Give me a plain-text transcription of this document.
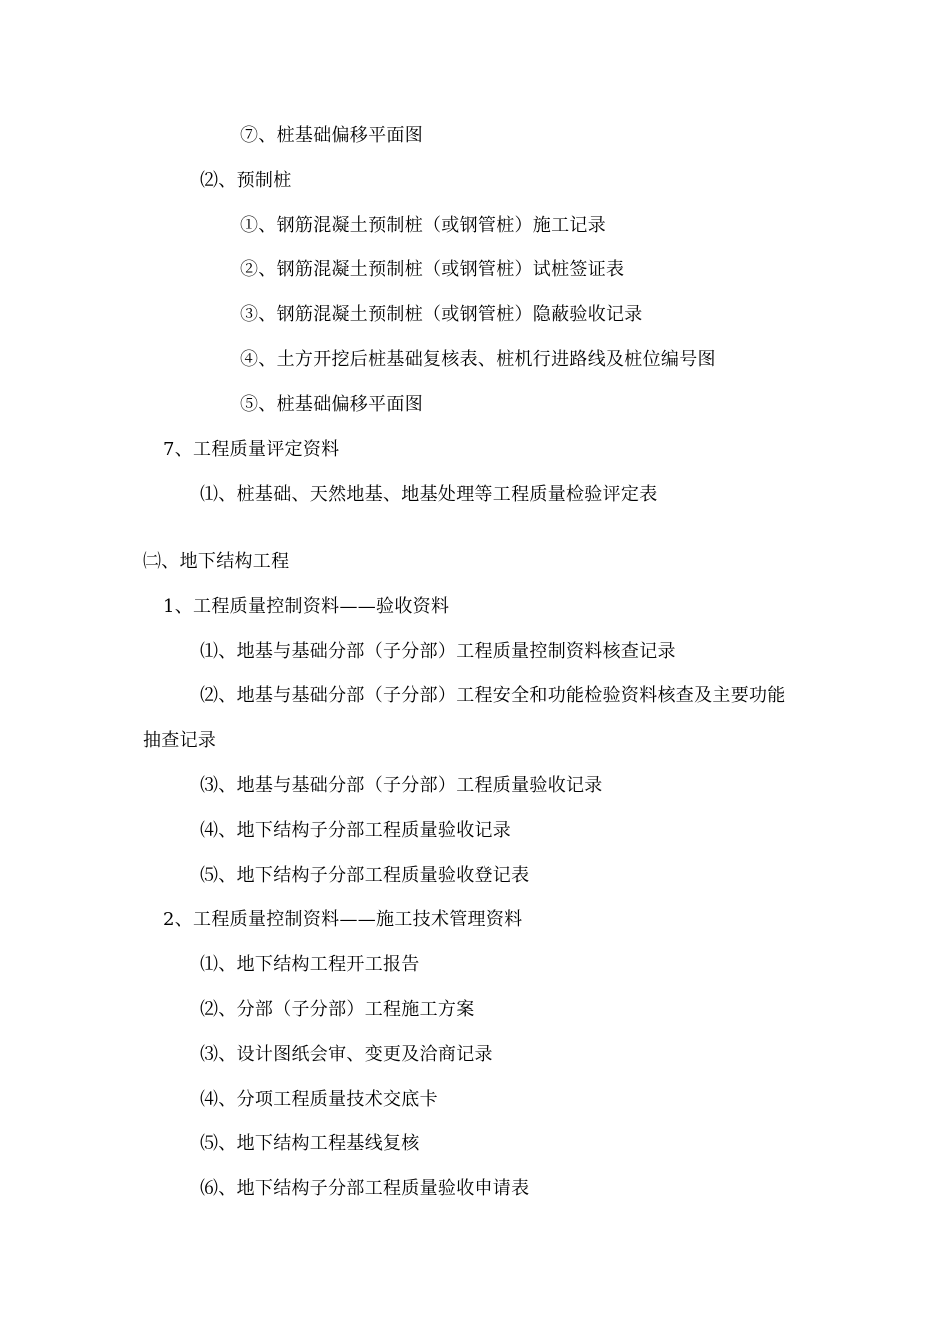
⑦、桩基础偏移平面图
⑵、预制桩
①、钢筋混凝土预制桩（或钢管桩）施工记录
②、钢筋混凝土预制桩（或钢管桩）试桩签证表
③、钢筋混凝土预制桩（或钢管桩）隐蔽验收记录
④、土方开挖后桩基础复核表、桩机行进路线及桩位编号图
⑤、桩基础偏移平面图
7、工程质量评定资料
⑴、桩基础、天然地基、地基处理等工程质量检验评定表
㈡、地下结构工程
1、工程质量控制资料——验收资料
⑴、地基与基础分部（子分部）工程质量控制资料核查记录
⑵、地基与基础分部（子分部）工程安全和功能检验资料核查及主要功能
抽查记录
⑶、地基与基础分部（子分部）工程质量验收记录
⑷、地下结构子分部工程质量验收记录
⑸、地下结构子分部工程质量验收登记表
2、工程质量控制资料——施工技术管理资料
⑴、地下结构工程开工报告
⑵、分部（子分部）工程施工方案
⑶、设计图纸会审、变更及洽商记录
⑷、分项工程质量技术交底卡
⑸、地下结构工程基线复核
⑹、地下结构子分部工程质量验收申请表
